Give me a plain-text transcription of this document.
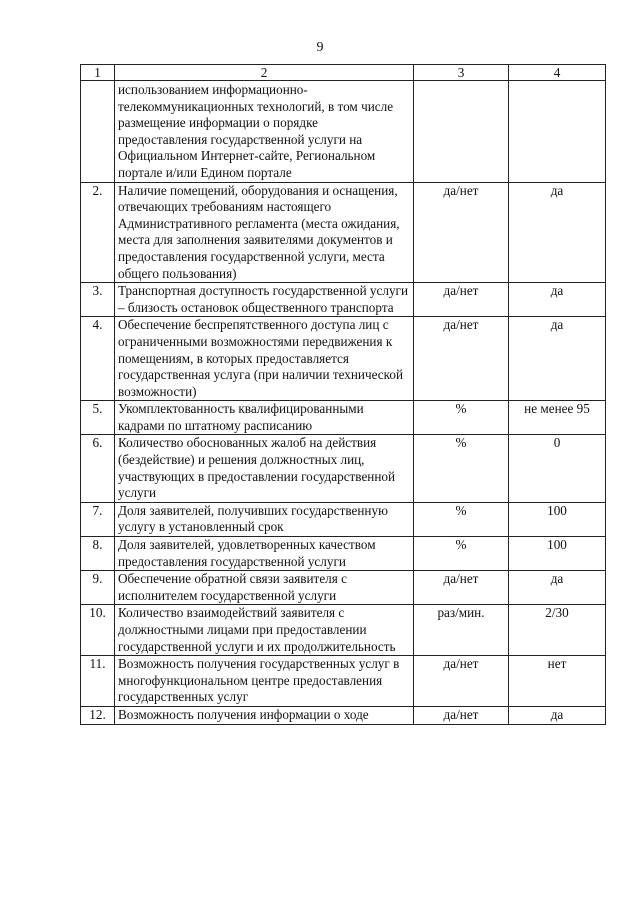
9
1	2	3	4
	использованием информационно-телекоммуникационных технологий, в том числе размещение информации о порядке предоставления государственной услуги на Официальном Интернет-сайте, Региональном портале и/или Едином портале		
2.	Наличие помещений, оборудования и оснащения, отвечающих требованиям настоящего Административного регламента (места ожидания, места для заполнения заявителями документов и предоставления государственной услуги, места общего пользования)	да/нет	да
3.	Транспортная доступность государственной услуги – близость остановок общественного транспорта	да/нет	да
4.	Обеспечение беспрепятственного доступа лиц с ограниченными возможностями передвижения к помещениям, в которых предоставляется государственная услуга (при наличии технической возможности)	да/нет	да
5.	Укомплектованность квалифицированными кадрами по штатному расписанию	%	не менее 95
6.	Количество обоснованных жалоб на действия (бездействие) и решения должностных лиц, участвующих в предоставлении государственной услуги	%	0
7.	Доля заявителей, получивших государственную услугу в установленный срок	%	100
8.	Доля заявителей, удовлетворенных качеством предоставления государственной услуги	%	100
9.	Обеспечение обратной связи заявителя с исполнителем государственной услуги	да/нет	да
10.	Количество взаимодействий заявителя с должностными лицами при предоставлении государственной услуги и их продолжительность	раз/мин.	2/30
11.	Возможность получения государственных услуг в многофункциональном центре предоставления государственных услуг	да/нет	нет
12.	Возможность получения информации о ходе	да/нет	да
